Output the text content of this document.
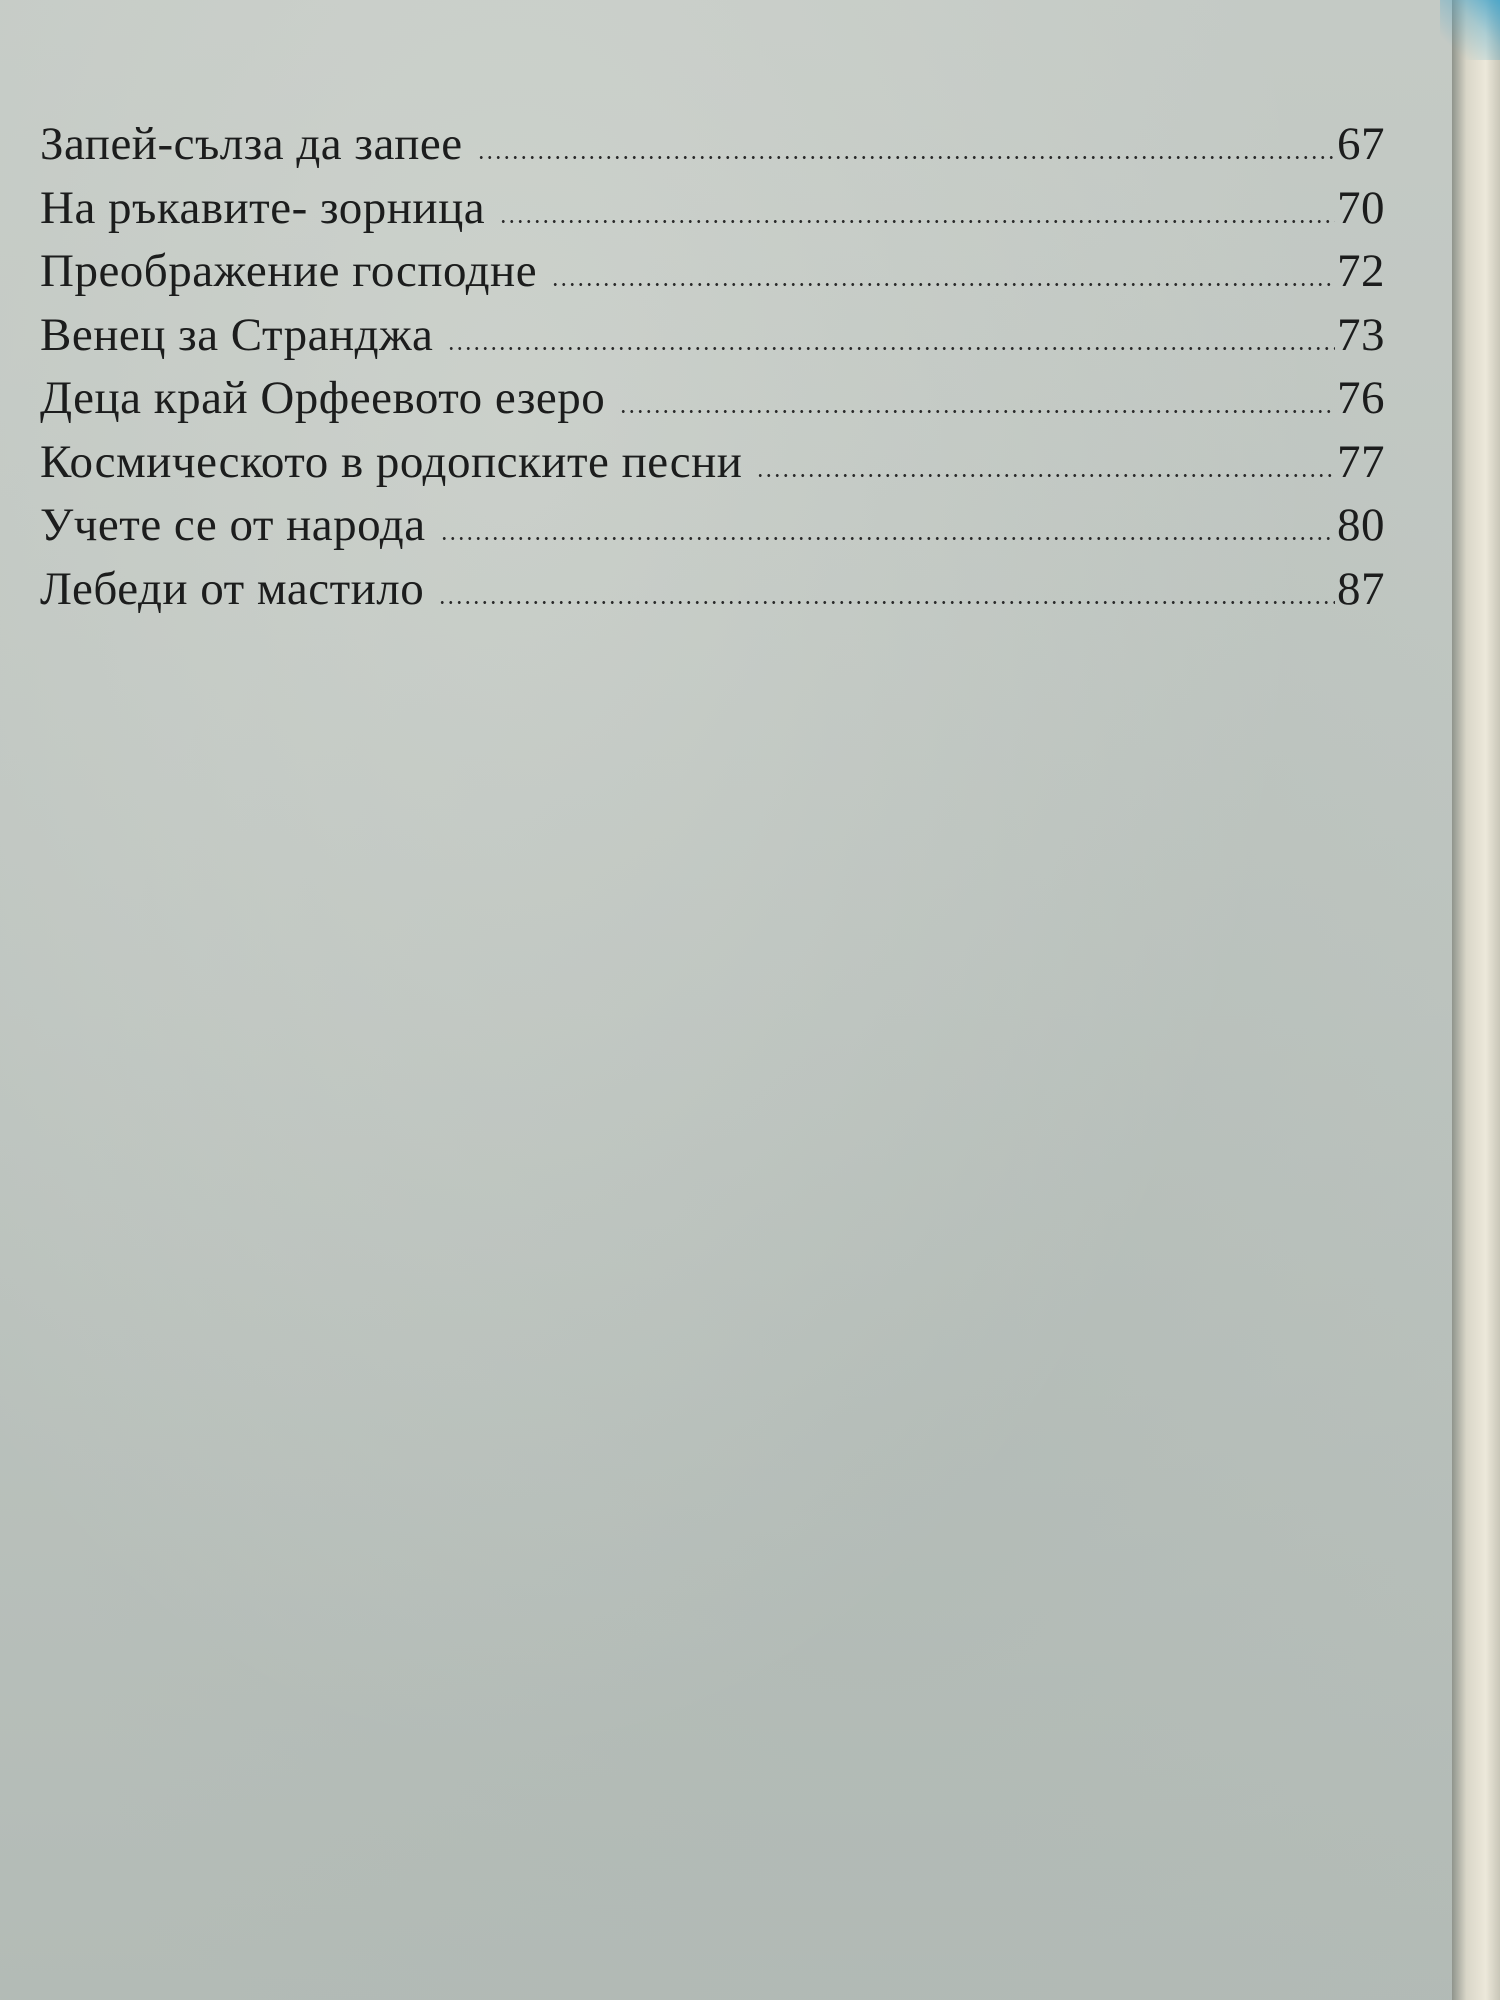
Запей-сълза да запее	67
На ръкавите- зорница	70
Преображение господне	72
Венец за Странджа	73
Деца край Орфеевото езеро	76
Космическото в родопските песни	77
Учете се от народа	80
Лебеди от мастило	87
